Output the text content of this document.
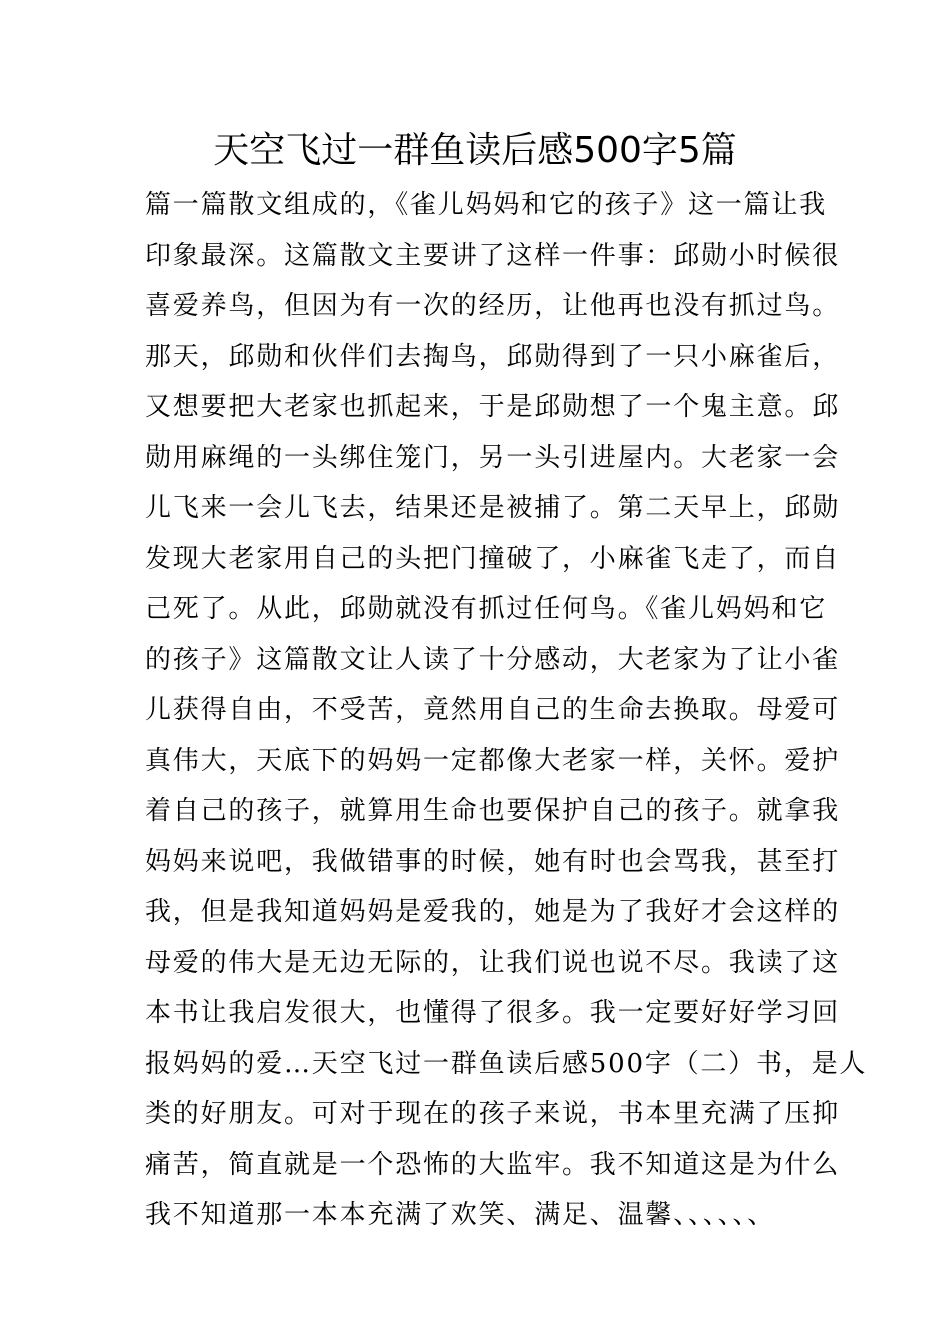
天空飞过一群鱼读后感500字5篇
篇一篇散文组成的，《雀儿妈妈和它的孩子》这一篇让我
印象最深。这篇散文主要讲了这样一件事：邱勋小时候很
喜爱养鸟，但因为有一次的经历，让他再也没有抓过鸟。
那天，邱勋和伙伴们去掏鸟，邱勋得到了一只小麻雀后，
又想要把大老家也抓起来，于是邱勋想了一个鬼主意。邱
勋用麻绳的一头绑住笼门，另一头引进屋内。大老家一会
儿飞来一会儿飞去，结果还是被捕了。第二天早上，邱勋
发现大老家用自己的头把门撞破了，小麻雀飞走了，而自
己死了。从此，邱勋就没有抓过任何鸟。《雀儿妈妈和它
的孩子》这篇散文让人读了十分感动，大老家为了让小雀
儿获得自由，不受苦，竟然用自己的生命去换取。母爱可
真伟大，天底下的妈妈一定都像大老家一样，关怀。爱护
着自己的孩子，就算用生命也要保护自己的孩子。就拿我
妈妈来说吧，我做错事的时候，她有时也会骂我，甚至打
我，但是我知道妈妈是爱我的，她是为了我好才会这样的
母爱的伟大是无边无际的，让我们说也说不尽。我读了这
本书让我启发很大，也懂得了很多。我一定要好好学习回
报妈妈的爱…天空飞过一群鱼读后感500字（二）书，是人
类的好朋友。可对于现在的孩子来说，书本里充满了压抑
痛苦，简直就是一个恐怖的大监牢。我不知道这是为什么
我不知道那一本本充满了欢笑、满足、温馨、、、、、、
